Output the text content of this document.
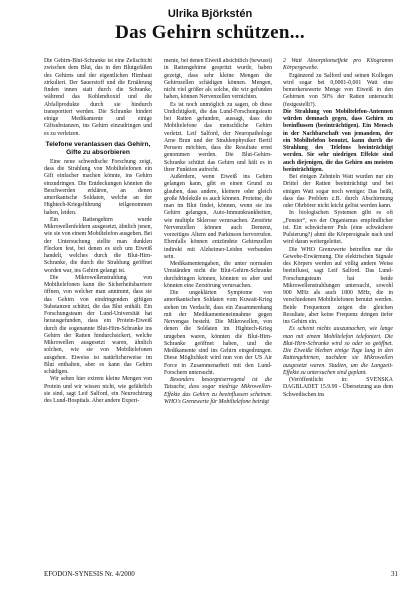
Ulrika Björkstén
Das Gehirn schützen...

Die Gehirn-Blut-Schranke ist eine Zellschicht zwischen dem Blut, das in den Blutgefäßen des Gehirns und der eigentlichen Hirnhaut zirkuliert. Der Sauerstoff und die Ernährung finden innen statt durch die Schranke, während das Kohlendioxid und die Abfallprodukte durch sie hindurch transportiert werden. Die Schranke hindert einige Medikamente und einige Giftsubstanzen, ins Gehirn einzudringen und es zu verletzen.

Telefone veranlassen das Gehirn, Gifte zu absorbieren

Eine neue schwedische Forschung zeigt, dass die Strahlung von Mobiltelefonen ein Gift einfacher machen könnte, ins Gehirn einzudringen. Die Entdeckungen könnten die Beschwerden erklären, an denen amerikanische Soldaten, welche an der Hightech-Kriegsführung teilgenommen haben, leiden.

Ein Rattengehirn wurde Mikrowellenfeldern ausgesetzt, ähnlich jenen, wie sie von einem Mobiltelefon ausgehen. Bei der Untersuchung stellte man dunklen Flecken fest, bei denen es sich um Eiweiß handelt, welches durch die Blut-Hirn-Schranke, die durch die Strahlung geöffnet worden war, ins Gehirn gelangt ist.

Die Mikrowellenstrahlung von Mobiltelefonen kann die Sicherheitsbarriere öffnen, von welcher man annimmt, dass sie das Gehirn von eindringenden giftigen Substanzen schützt, die das Blut enthält. Ein Forschungsteam der Lund-Universität hat herausgefunden, dass ein Protein-Eiweiß durch die sogenannte Blut-Hirn-Schranke ins Gehirn der Ratten hindurchsickert, welche Mikrowellen ausgesetzt waren, ähnlich solchen, wie sie von Mobiltelefonen ausgehen. Eiweiss ist natürlicherweise im Blut enthalten, aber es kann das Gehirn schädigen.

Wir sehen hier extrem kleine Mengen von Protein und wir wissen nicht, wie gefährlich sie sind, sagt Leif Salford, ein Neurochirurg des Lund-Hospitals. Aber andere Experi-

mente, bei denen Eiweiß absichtlich (bewusst) in Rattengehirne gespritzt wurde, haben gezeigt, dass sehr kleine Mengen die Gehirnzellen schädigen können. Mengen, nicht viel größer als solche, die wir gefunden haben, können Nervenzellen vernichten.

Es ist noch unmöglich zu sagen, ob diese Undichtigkeit, die das Lund-Forschungsteam bei Ratten gefunden, aussagt, dass die Mobiltelefone das menschliche Gehirn verletzt. Leif Salford, der Neuropathologe Arne Brun und der Strahlenphysiker Bertil Persson möchten, dass die Resultate ernst genommen werden. Die Blut-Gehirn-Schranke schützt das Gehirn und hält es in ihrer Funktion aufrecht.

Außerdem, wenn Eiweiß ins Gehirn gelangen kann, gibt es einen Grund zu glauben, dass andere, kleinere oder gleich große Moleküle es auch können. Proteine, die man im Blut findet, können, wenn sie ins Gehirn gelangen, Auto-Immunkrankheiten, wie multiple Sklerose verursachen. Zerstörte Nervenzellen können auch Demenz, vorzeitiges Altern und Parkinson hervorrufen. Ebenfalls können entzündete Gehirnzellen indirekt mit Alzheimer-Leiden verbunden sein.

Medikamentengaben, die unter normalen Umständen nicht die Blut-Gehirn-Schranke durchdringen können, könnten es aber und könnten eine Zerstörung verursachen.

Die ungeklärten Symptome von amerikanischen Soldaten vom Kuwait-Krieg stehen im Verdacht, dass ein Zusammenhang mit der Medikamenteneinnahme gegen Nervengas besteht. Die Mikrowellen, von denen die Soldaten im Hightech-Krieg umgeben waren, könnten die Blut-Hirn-Schranke geöffnet haben, und die Medikamente sind ins Gehirn eingedrungen. Diese Möglichkeit wird nun von der US Air Force in Zusammenarbeit mit den Lund-Forschern untersucht.

Besonders besorgniserregend ist die Tatsache, dass sogar niedrige Mikrowellen-Effekte das Gehirn zu beeinflussen scheinen. WHO's Grenzwerte für Mobiltelefone beträgt

2 Watt Absorptionseffekt pro Kilogramm Körpergewebe.

Ergänzend zu Salford und seinen Kollegen wird sogar bei 0,0001-0,001 Watt eine bemerkenswerte Menge von Eiweiß in den Gehirnen von 50% der Ratten untersucht (festgestellt?).

Die Strahlung von Mobiltelefon-Antennen würden demnach gegen, dass Gehirn zu beeinflussen (beeinträchtigen). Ein Mensch in der Nachbarschaft von jemandem, der ein Mobiltelefon benutzt, kann durch die Strahlung des Telefons beeinträchtigt werden. Sie sehr niedrigen Effekte sind auch diejenigen, die das Gehirn am meisten beeinträchtigen.

Bei einigen Zehnteln Watt wurden nur ein Drittel der Ratten beeinträchtigt und bei einigen Watt sogar noch weniger. Das heißt, dass das Problem z.B. durch Abschirmung oder Ohrhörer nicht leicht gelöst werden kann.

In biologischen Systemen gibt es oft „Fenster“, wo der Organismus empfindlicher ist. Ein schwächerer Puls (eine schwächere Pulsierung?) ahmt die Körpersignale nach und wird daran weitergeleitet.

Die WHO Grenzwerte betreffen nur die Gewebe-Erwärmung. Die elektrischen Signale des Körpers werden auf völlig andere Weise beeinflusst, sagt Leif Salford. Das Lund-Forschungsteam hat beide Mikrowellenstrahlungen untersucht, sowohl 900 MHz als auch 1800 MHz, die in verschiedenen Mobiltelefonen benutzt werden. Beide Frequenzen zeigen die gleichen Resultate, aber keine Frequenz dringen tiefer ins Gehirn ein.

Es scheint nichts auszumachen, wie lange man mit einem Mobiltelefon telefoniert. Die Blut-Hirn-Schranke wird so oder so geöffnet. Die Eiweiße bleiben einige Tage lang in den Rattengehirnen, nachdem sie Mikrowellen ausgesetzt waren. Studien, um die Langzeit-Effekte zu untersuchen sind geplant.

(Veröffentlicht in: SVENSKA DAGBLADET 15.9.99 - Übersetzung aus dem Schwedischen ins

EFODON-SYNESIS Nr. 4/2000	31
